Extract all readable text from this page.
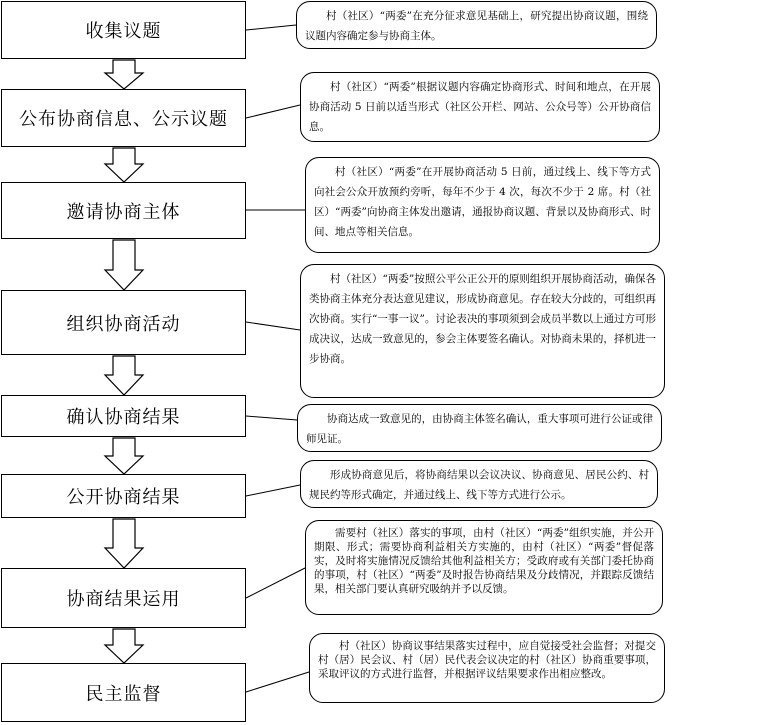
收集议题
公布协商信息、公示议题
邀请协商主体
组织协商活动
确认协商结果
公开协商结果
协商结果运用
民主监督
村（社区）“两委”在充分征求意见基础上，研究提出协商议题，围绕议题内容确定参与协商主体。
村（社区）“两委”根据议题内容确定协商形式、时间和地点，在开展协商活动 5 日前以适当形式（社区公开栏、网站、公众号等）公开协商信息。
村（社区）“两委”在开展协商活动 5 日前，通过线上、线下等方式向社会公众开放预约旁听，每年不少于 4 次，每次不少于 2 席。村（社区）“两委”向协商主体发出邀请，通报协商议题、背景以及协商形式、时间、地点等相关信息。
村（社区）“两委”按照公平公正公开的原则组织开展协商活动，确保各类协商主体充分表达意见建议，形成协商意见。存在较大分歧的，可组织再次协商。实行“一事一议”。讨论表决的事项须到会成员半数以上通过方可形成决议，达成一致意见的，参会主体要签名确认。对协商未果的，择机进一步协商。
协商达成一致意见的，由协商主体签名确认，重大事项可进行公证或律师见证。
形成协商意见后，将协商结果以会议决议、协商意见、居民公约、村规民约等形式确定，并通过线上、线下等方式进行公示。
需要村（社区）落实的事项，由村（社区）“两委”组织实施，并公开期限、形式；需要协商利益相关方实施的，由村（社区）“两委”督促落实，及时将实施情况反馈给其他利益相关方；受政府或有关部门委托协商的事项，村（社区）“两委”及时报告协商结果及分歧情况，并跟踪反馈结果，相关部门要认真研究吸纳并予以反馈。
村（社区）协商议事结果落实过程中，应自觉接受社会监督；对提交村（居）民会议、村（居）民代表会议决定的村（社区）协商重要事项，采取评议的方式进行监督，并根据评议结果要求作出相应整改。
